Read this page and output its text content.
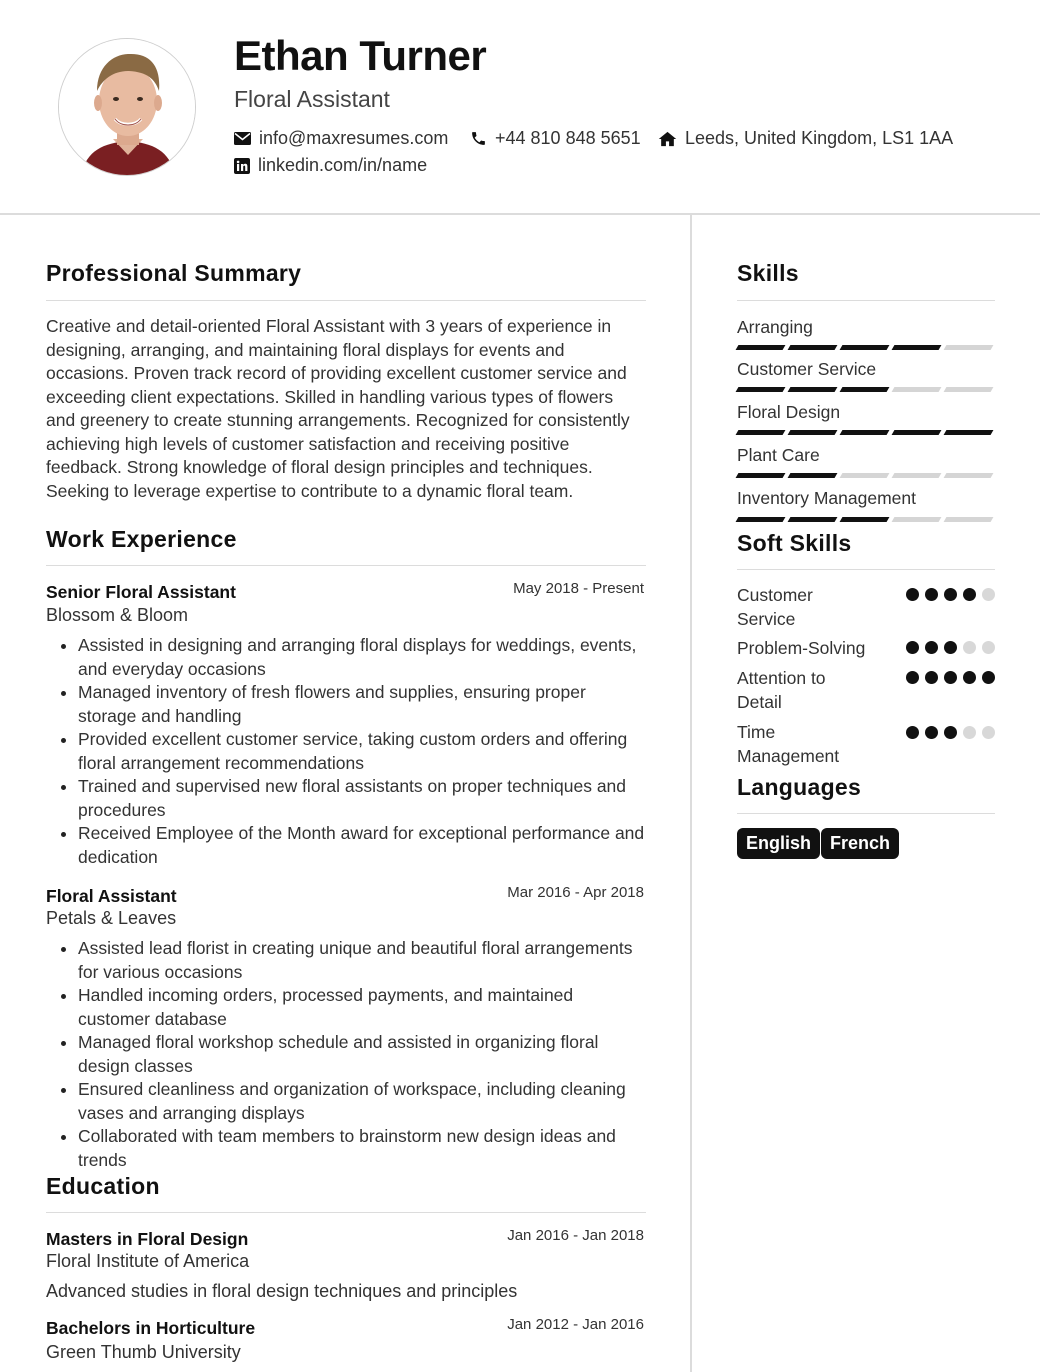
Ethan Turner
Floral Assistant
info@maxresumes.com	+44 810 848 5651 Leeds, United Kingdom, LS1 1AA
linkedin.com/in/name
Professional Summary
Creative and detail-oriented Floral Assistant with 3 years of experience in designing, arranging, and maintaining floral displays for events and occasions. Proven track record of providing excellent customer service and exceeding client expectations. Skilled in handling various types of flowers and greenery to create stunning arrangements. Recognized for consistently achieving high levels of customer satisfaction and receiving positive feedback. Strong knowledge of floral design principles and techniques. Seeking to leverage expertise to contribute to a dynamic floral team.
Work Experience
Senior Floral Assistant	May 2018 - Present
Blossom & Bloom
Assisted in designing and arranging floral displays for weddings, events, and everyday occasions
Managed inventory of fresh flowers and supplies, ensuring proper storage and handling
Provided excellent customer service, taking custom orders and offering floral arrangement recommendations
Trained and supervised new floral assistants on proper techniques and procedures
Received Employee of the Month award for exceptional performance and dedication
Floral Assistant	Mar 2016 - Apr 2018
Petals & Leaves
Assisted lead florist in creating unique and beautiful floral arrangements for various occasions
Handled incoming orders, processed payments, and maintained customer database
Managed floral workshop schedule and assisted in organizing floral design classes
Ensured cleanliness and organization of workspace, including cleaning vases and arranging displays
Collaborated with team members to brainstorm new design ideas and trends
Education
Masters in Floral Design	Jan 2016 - Jan 2018
Floral Institute of America
Advanced studies in floral design techniques and principles
Bachelors in Horticulture	Jan 2012 - Jan 2016
Green Thumb University
Skills
Arranging
Customer Service
Floral Design
Plant Care
Inventory Management
Soft Skills
Customer Service
Problem-Solving
Attention to Detail
Time Management
Languages
English	French
